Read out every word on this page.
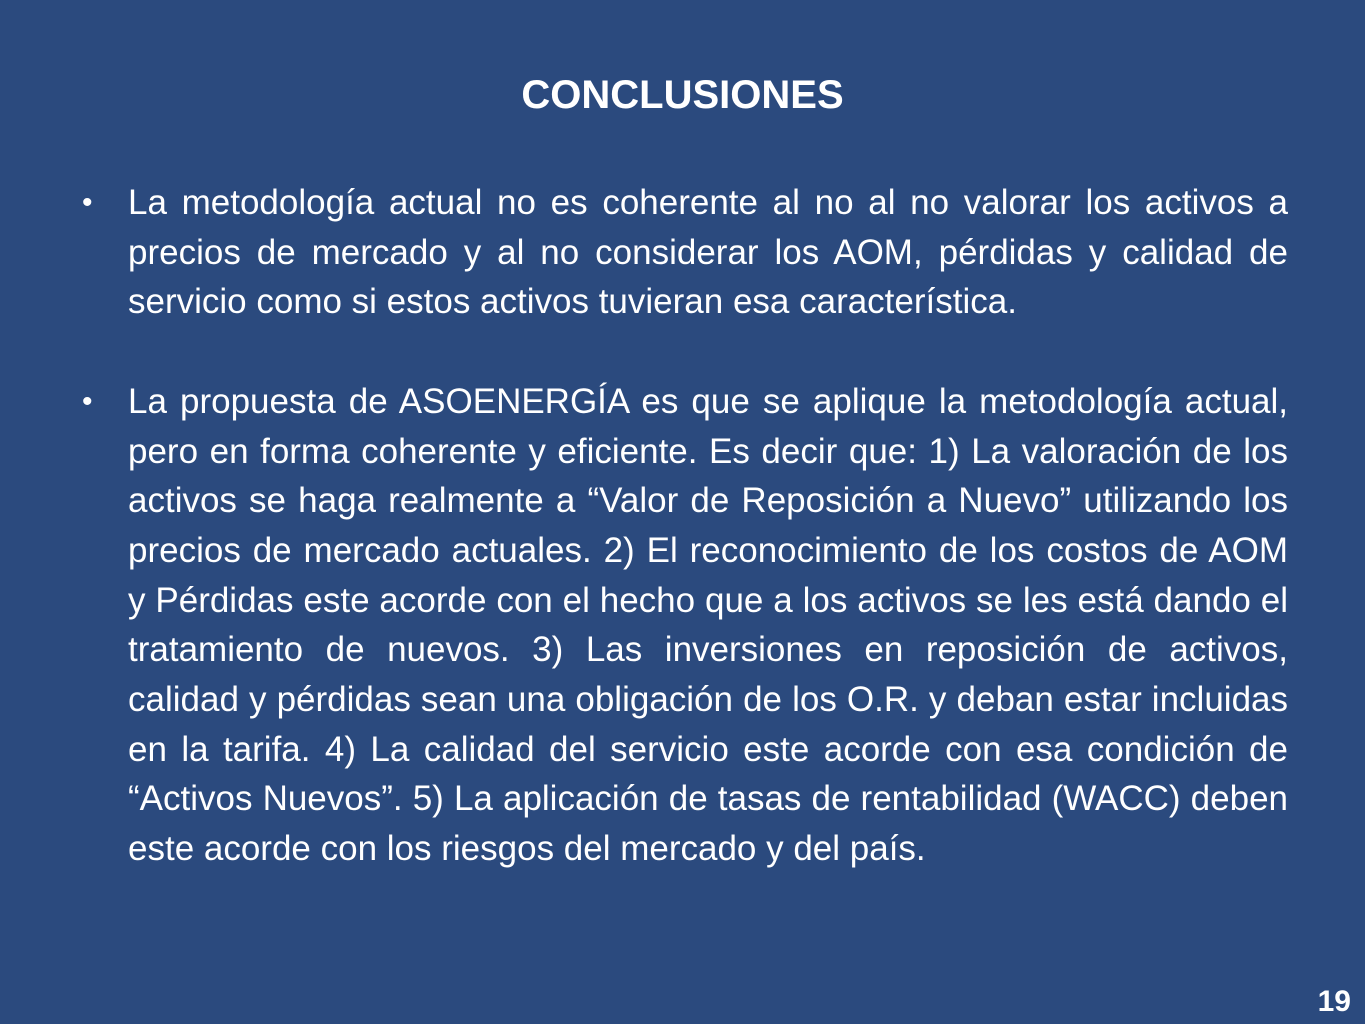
CONCLUSIONES
• La metodología actual no es coherente al no al no valorar los activos a precios de mercado y al no considerar los AOM, pérdidas y calidad de servicio como si estos activos tuvieran esa característica.
• La propuesta de ASOENERGÍA es que se aplique la metodología actual, pero en forma coherente y eficiente. Es decir que: 1) La valoración de los activos se haga realmente a “Valor de Reposición a Nuevo” utilizando los precios de mercado actuales. 2) El reconocimiento de los costos de AOM y Pérdidas este acorde con el hecho que a los activos se les está dando el tratamiento de nuevos. 3) Las inversiones en reposición de activos, calidad y pérdidas sean una obligación de los O.R. y deban estar incluidas en la tarifa. 4) La calidad del servicio este acorde con esa condición de “Activos Nuevos”. 5) La aplicación de tasas de rentabilidad (WACC) deben este acorde con los riesgos del mercado y del país.
19
